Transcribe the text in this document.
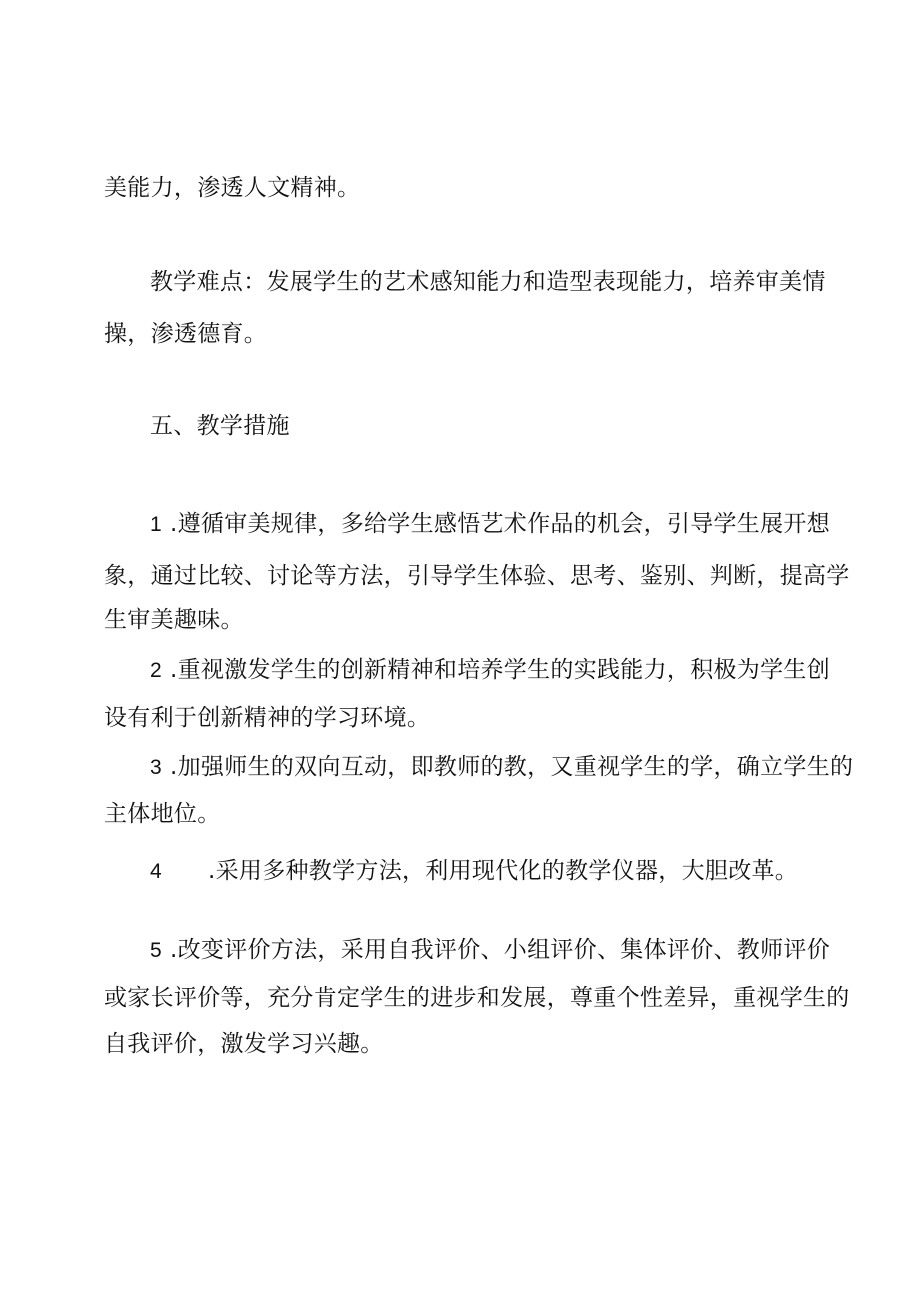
美能力，渗透人文精神。
教学难点：发展学生的艺术感知能力和造型表现能力，培养审美情
操，渗透德育。
五、教学措施
1 .遵循审美规律，多给学生感悟艺术作品的机会，引导学生展开想
象，通过比较、讨论等方法，引导学生体验、思考、鉴别、判断，提高学
生审美趣味。
2 .重视激发学生的创新精神和培养学生的实践能力，积极为学生创
设有利于创新精神的学习环境。
3 .加强师生的双向互动，即教师的教，又重视学生的学，确立学生的
主体地位。
4 .采用多种教学方法，利用现代化的教学仪器，大胆改革。
5 .改变评价方法，采用自我评价、小组评价、集体评价、教师评价
或家长评价等，充分肯定学生的进步和发展，尊重个性差异，重视学生的
自我评价，激发学习兴趣。
